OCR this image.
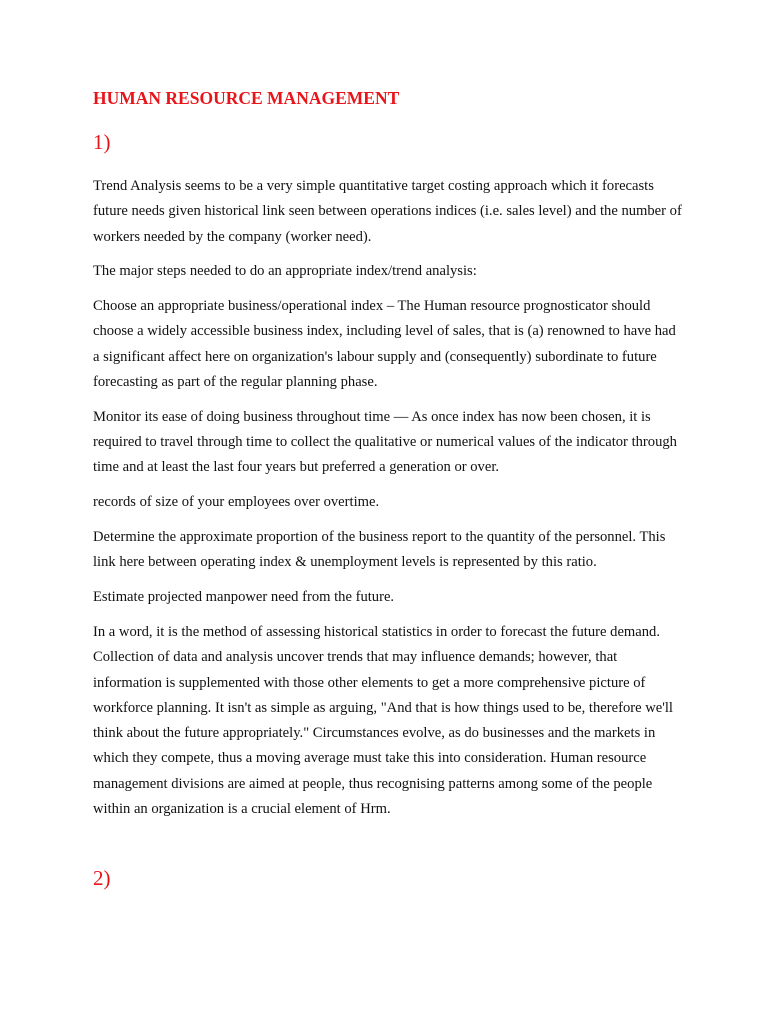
HUMAN RESOURCE MANAGEMENT
1)

Trend Analysis seems to be a very simple quantitative target costing approach which it forecasts future needs given historical link seen between operations indices (i.e. sales level) and the number of workers needed by the company (worker need).

The major steps needed to do an appropriate index/trend analysis:

Choose an appropriate business/operational index – The Human resource prognosticator should choose a widely accessible business index, including level of sales, that is (a) renowned to have had a significant affect here on organization's labour supply and (consequently) subordinate to future forecasting as part of the regular planning phase.

Monitor its ease of doing business throughout time — As once index has now been chosen, it is required to travel through time to collect the qualitative or numerical values of the indicator through time and at least the last four years but preferred a generation or over.

records of size of your employees over overtime.

Determine the approximate proportion of the business report to the quantity of the personnel. This link here between operating index & unemployment levels is represented by this ratio.

Estimate projected manpower need from the future.

In a word, it is the method of assessing historical statistics in order to forecast the future demand. Collection of data and analysis uncover trends that may influence demands; however, that information is supplemented with those other elements to get a more comprehensive picture of workforce planning. It isn't as simple as arguing, "And that is how things used to be, therefore we'll think about the future appropriately." Circumstances evolve, as do businesses and the markets in which they compete, thus a moving average must take this into consideration. Human resource management divisions are aimed at people, thus recognising patterns among some of the people within an organization is a crucial element of Hrm.

2)
